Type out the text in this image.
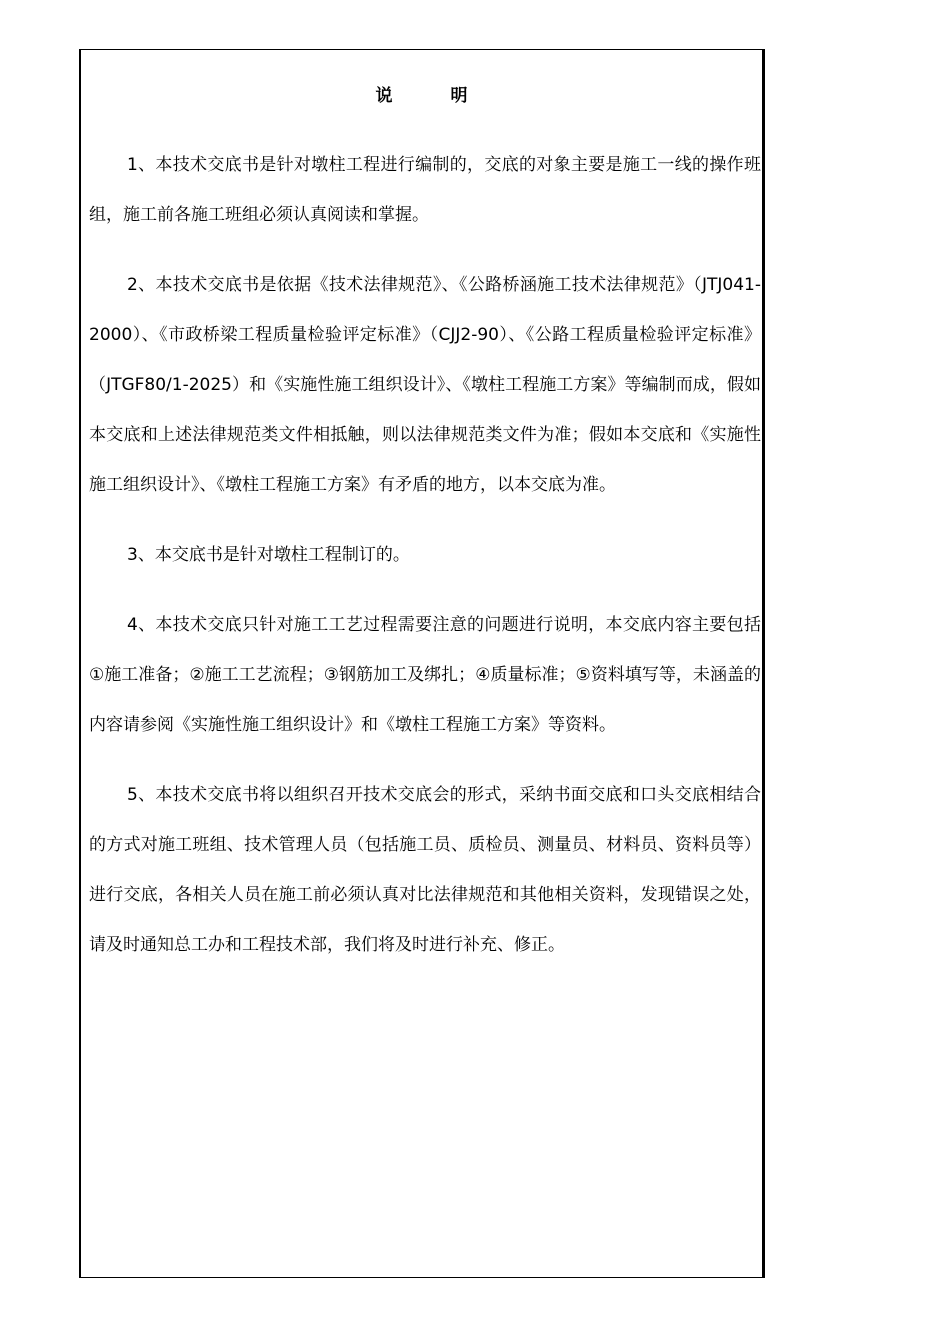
说 明

1、本技术交底书是针对墩柱工程进行编制的，交底的对象主要是施工一线的操作班组，施工前各施工班组必须认真阅读和掌握。

2、本技术交底书是依据《技术法律规范》、《公路桥涵施工技术法律规范》（JTJ041-2000）、《市政桥梁工程质量检验评定标准》（CJJ2-90）、《公路工程质量检验评定标准》（JTGF80/1-2025）和《实施性施工组织设计》、《墩柱工程施工方案》等编制而成，假如本交底和上述法律规范类文件相抵触，则以法律规范类文件为准；假如本交底和《实施性施工组织设计》、《墩柱工程施工方案》有矛盾的地方，以本交底为准。

3、本交底书是针对墩柱工程制订的。

4、本技术交底只针对施工工艺过程需要注意的问题进行说明，本交底内容主要包括①施工准备；②施工工艺流程；③钢筋加工及绑扎；④质量标准；⑤资料填写等，未涵盖的内容请参阅《实施性施工组织设计》和《墩柱工程施工方案》等资料。

5、本技术交底书将以组织召开技术交底会的形式，采纳书面交底和口头交底相结合的方式对施工班组、技术管理人员（包括施工员、质检员、测量员、材料员、资料员等）进行交底，各相关人员在施工前必须认真对比法律规范和其他相关资料，发现错误之处，请及时通知总工办和工程技术部，我们将及时进行补充、修正。
